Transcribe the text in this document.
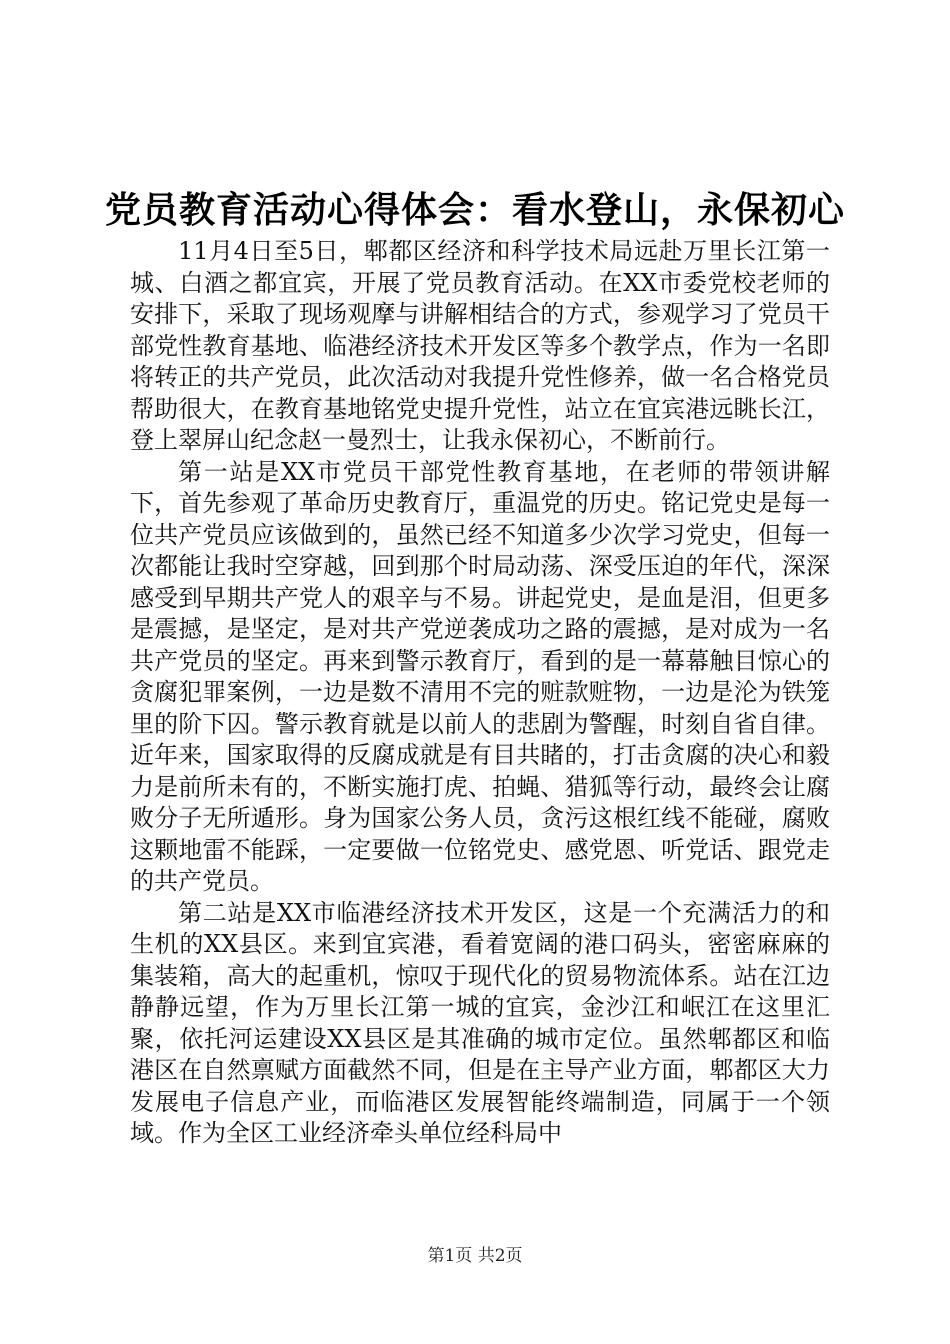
党员教育活动心得体会：看水登山，永保初心

11月4日至5日，郫都区经济和科学技术局远赴万里长江第一城、白酒之都宜宾，开展了党员教育活动。在XX市委党校老师的安排下，采取了现场观摩与讲解相结合的方式，参观学习了党员干部党性教育基地、临港经济技术开发区等多个教学点，作为一名即将转正的共产党员，此次活动对我提升党性修养，做一名合格党员帮助很大，在教育基地铭党史提升党性，站立在宜宾港远眺长江，登上翠屏山纪念赵一曼烈士，让我永保初心，不断前行。

第一站是XX市党员干部党性教育基地，在老师的带领讲解下，首先参观了革命历史教育厅，重温党的历史。铭记党史是每一位共产党员应该做到的，虽然已经不知道多少次学习党史，但每一次都能让我时空穿越，回到那个时局动荡、深受压迫的年代，深深感受到早期共产党人的艰辛与不易。讲起党史，是血是泪，但更多是震撼，是坚定，是对共产党逆袭成功之路的震撼，是对成为一名共产党员的坚定。再来到警示教育厅，看到的是一幕幕触目惊心的贪腐犯罪案例，一边是数不清用不完的赃款赃物，一边是沦为铁笼里的阶下囚。警示教育就是以前人的悲剧为警醒，时刻自省自律。近年来，国家取得的反腐成就是有目共睹的，打击贪腐的决心和毅力是前所未有的，不断实施打虎、拍蝇、猎狐等行动，最终会让腐败分子无所遁形。身为国家公务人员，贪污这根红线不能碰，腐败这颗地雷不能踩，一定要做一位铭党史、感党恩、听党话、跟党走的共产党员。

第二站是XX市临港经济技术开发区，这是一个充满活力的和生机的XX县区。来到宜宾港，看着宽阔的港口码头，密密麻麻的集装箱，高大的起重机，惊叹于现代化的贸易物流体系。站在江边静静远望，作为万里长江第一城的宜宾，金沙江和岷江在这里汇聚，依托河运建设XX县区是其准确的城市定位。虽然郫都区和临港区在自然禀赋方面截然不同，但是在主导产业方面，郫都区大力发展电子信息产业，而临港区发展智能终端制造，同属于一个领域。作为全区工业经济牵头单位经科局中

第1页 共2页
